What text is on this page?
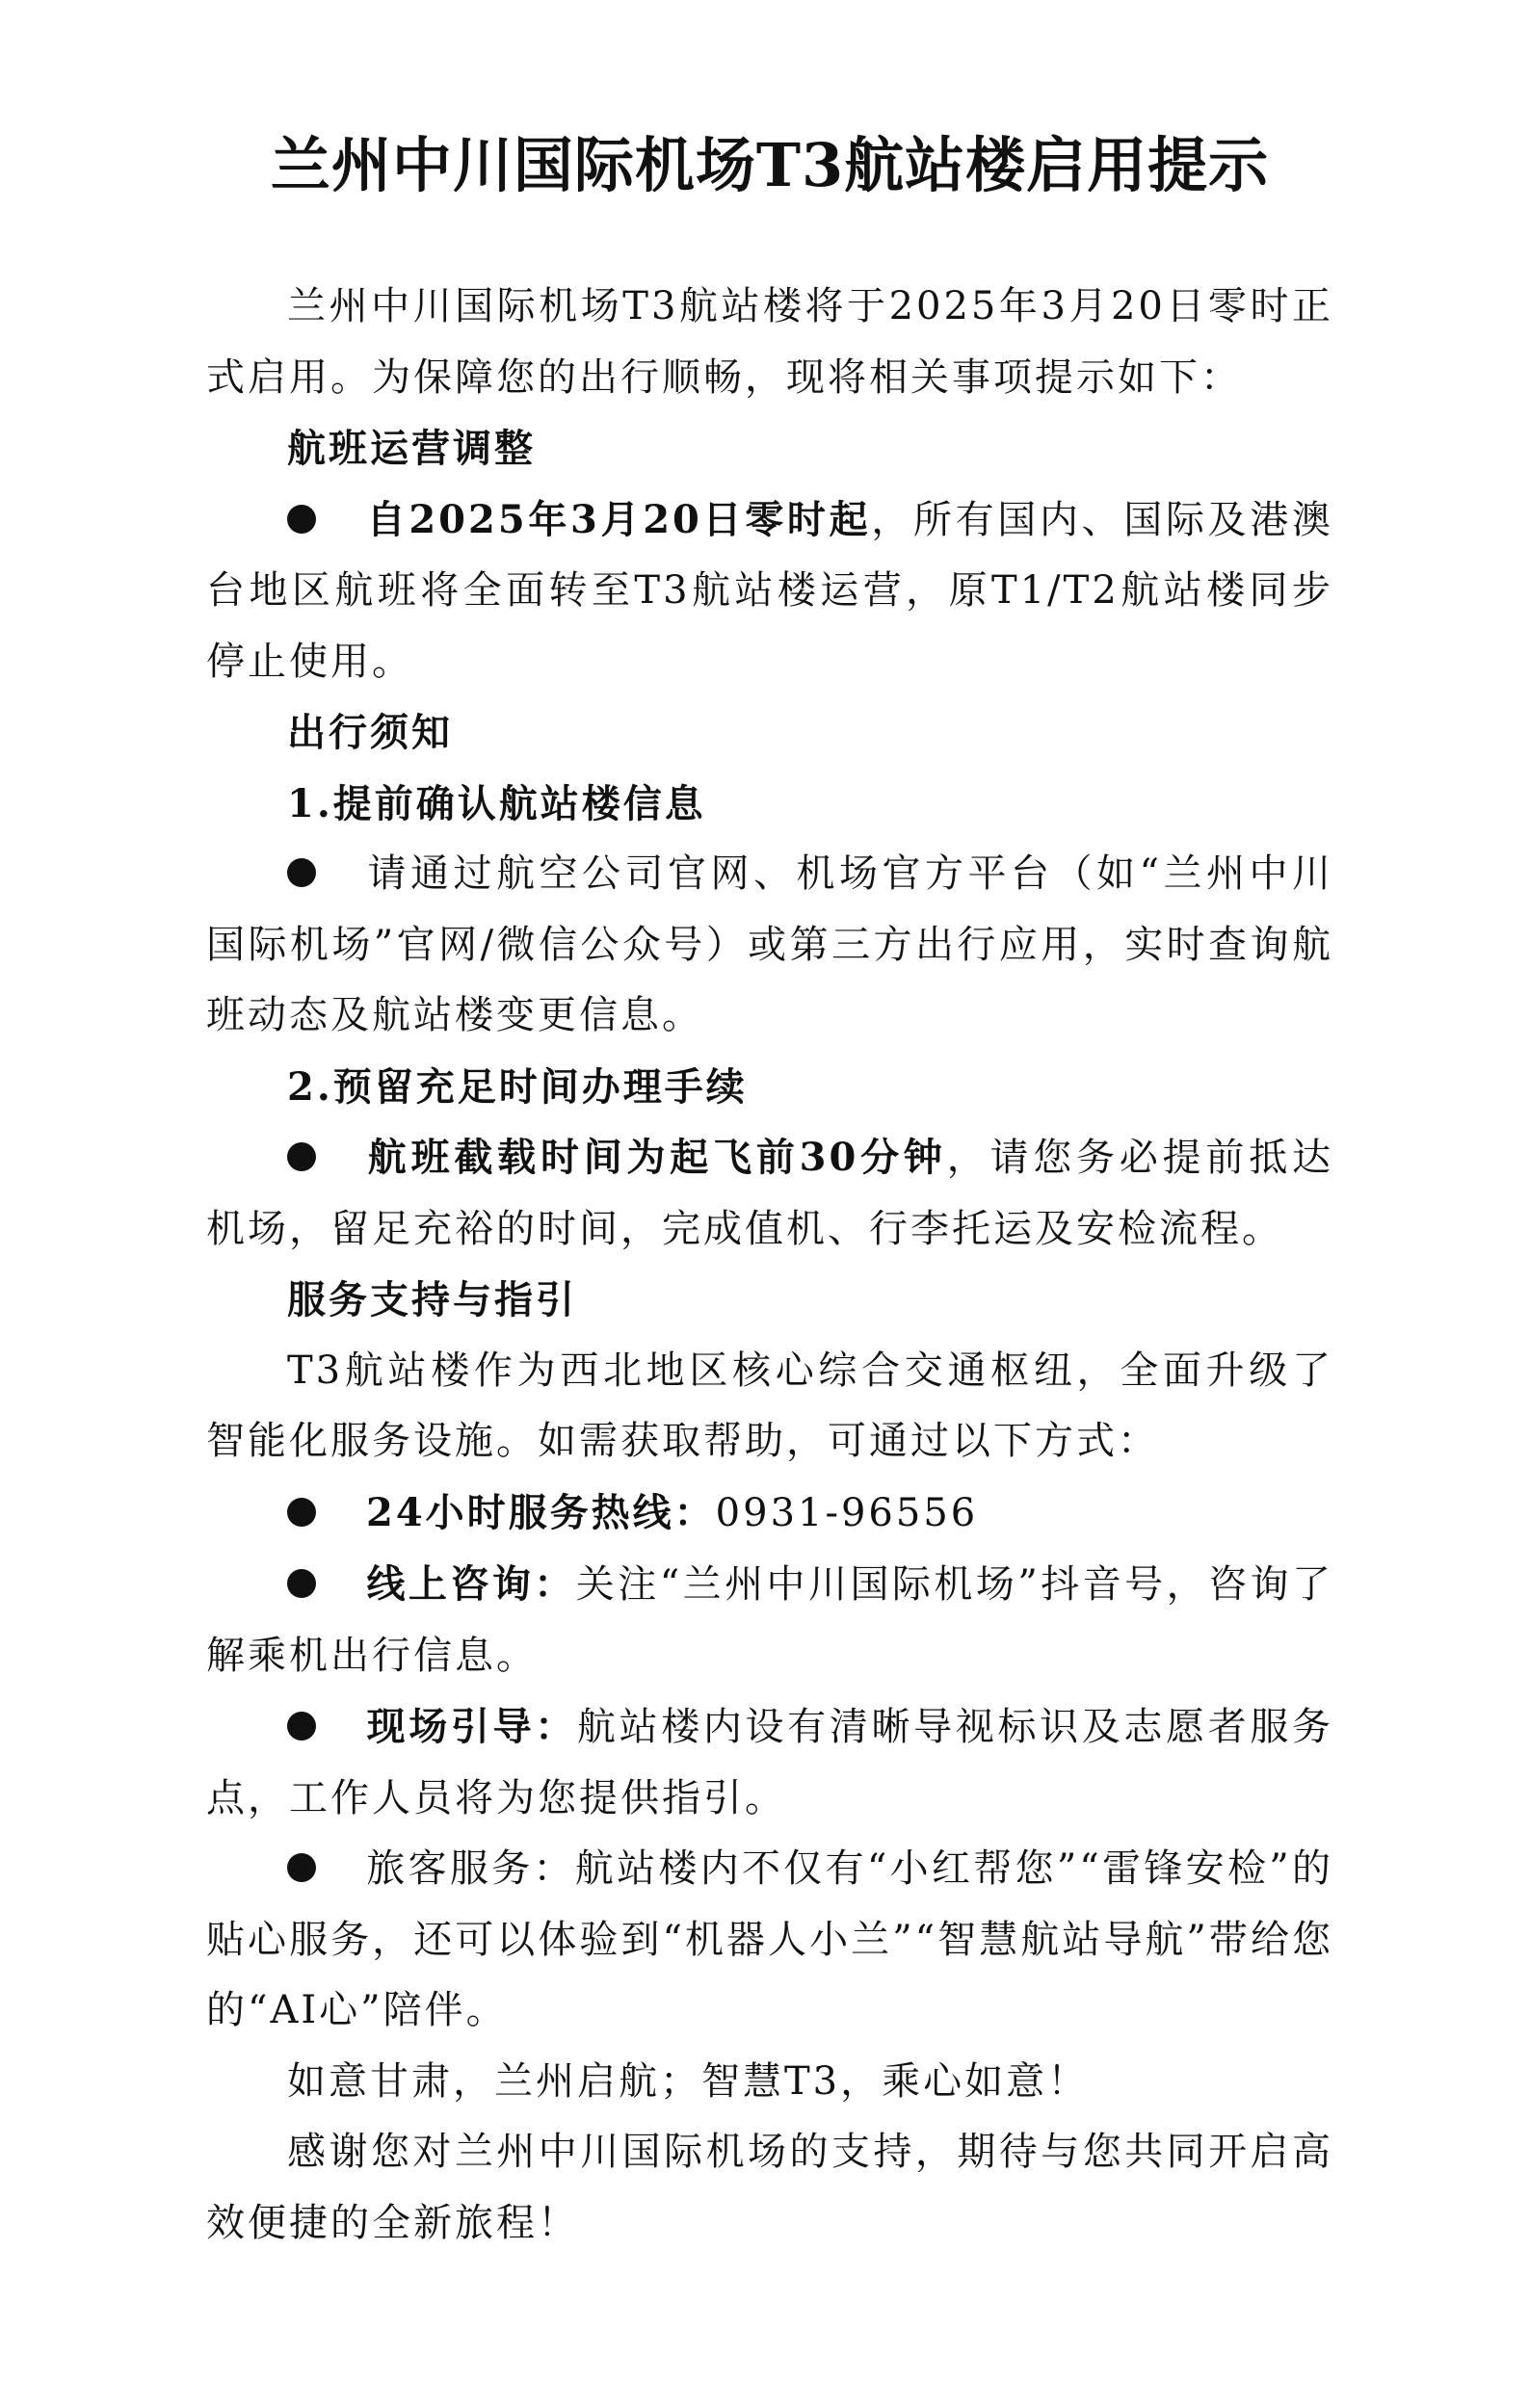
兰州中川国际机场T3航站楼启用提示

兰州中川国际机场T3航站楼将于2025年3月20日零时正式启用。为保障您的出行顺畅，现将相关事项提示如下：

航班运营调整

自2025年3月20日零时起，所有国内、国际及港澳台地区航班将全面转至T3航站楼运营，原T1/T2航站楼同步停止使用。

出行须知

1.提前确认航站楼信息

请通过航空公司官网、机场官方平台（如“兰州中川国际机场”官网/微信公众号）或第三方出行应用，实时查询航班动态及航站楼变更信息。

2.预留充足时间办理手续

航班截载时间为起飞前30分钟，请您务必提前抵达机场，留足充裕的时间，完成值机、行李托运及安检流程。

服务支持与指引

T3航站楼作为西北地区核心综合交通枢纽，全面升级了智能化服务设施。如需获取帮助，可通过以下方式：

24小时服务热线：0931-96556

线上咨询：关注“兰州中川国际机场”抖音号，咨询了解乘机出行信息。

现场引导：航站楼内设有清晰导视标识及志愿者服务点，工作人员将为您提供指引。

旅客服务：航站楼内不仅有“小红帮您”“雷锋安检”的贴心服务，还可以体验到“机器人小兰”“智慧航站导航”带给您的“AI心”陪伴。

如意甘肃，兰州启航；智慧T3，乘心如意！

感谢您对兰州中川国际机场的支持，期待与您共同开启高效便捷的全新旅程！
